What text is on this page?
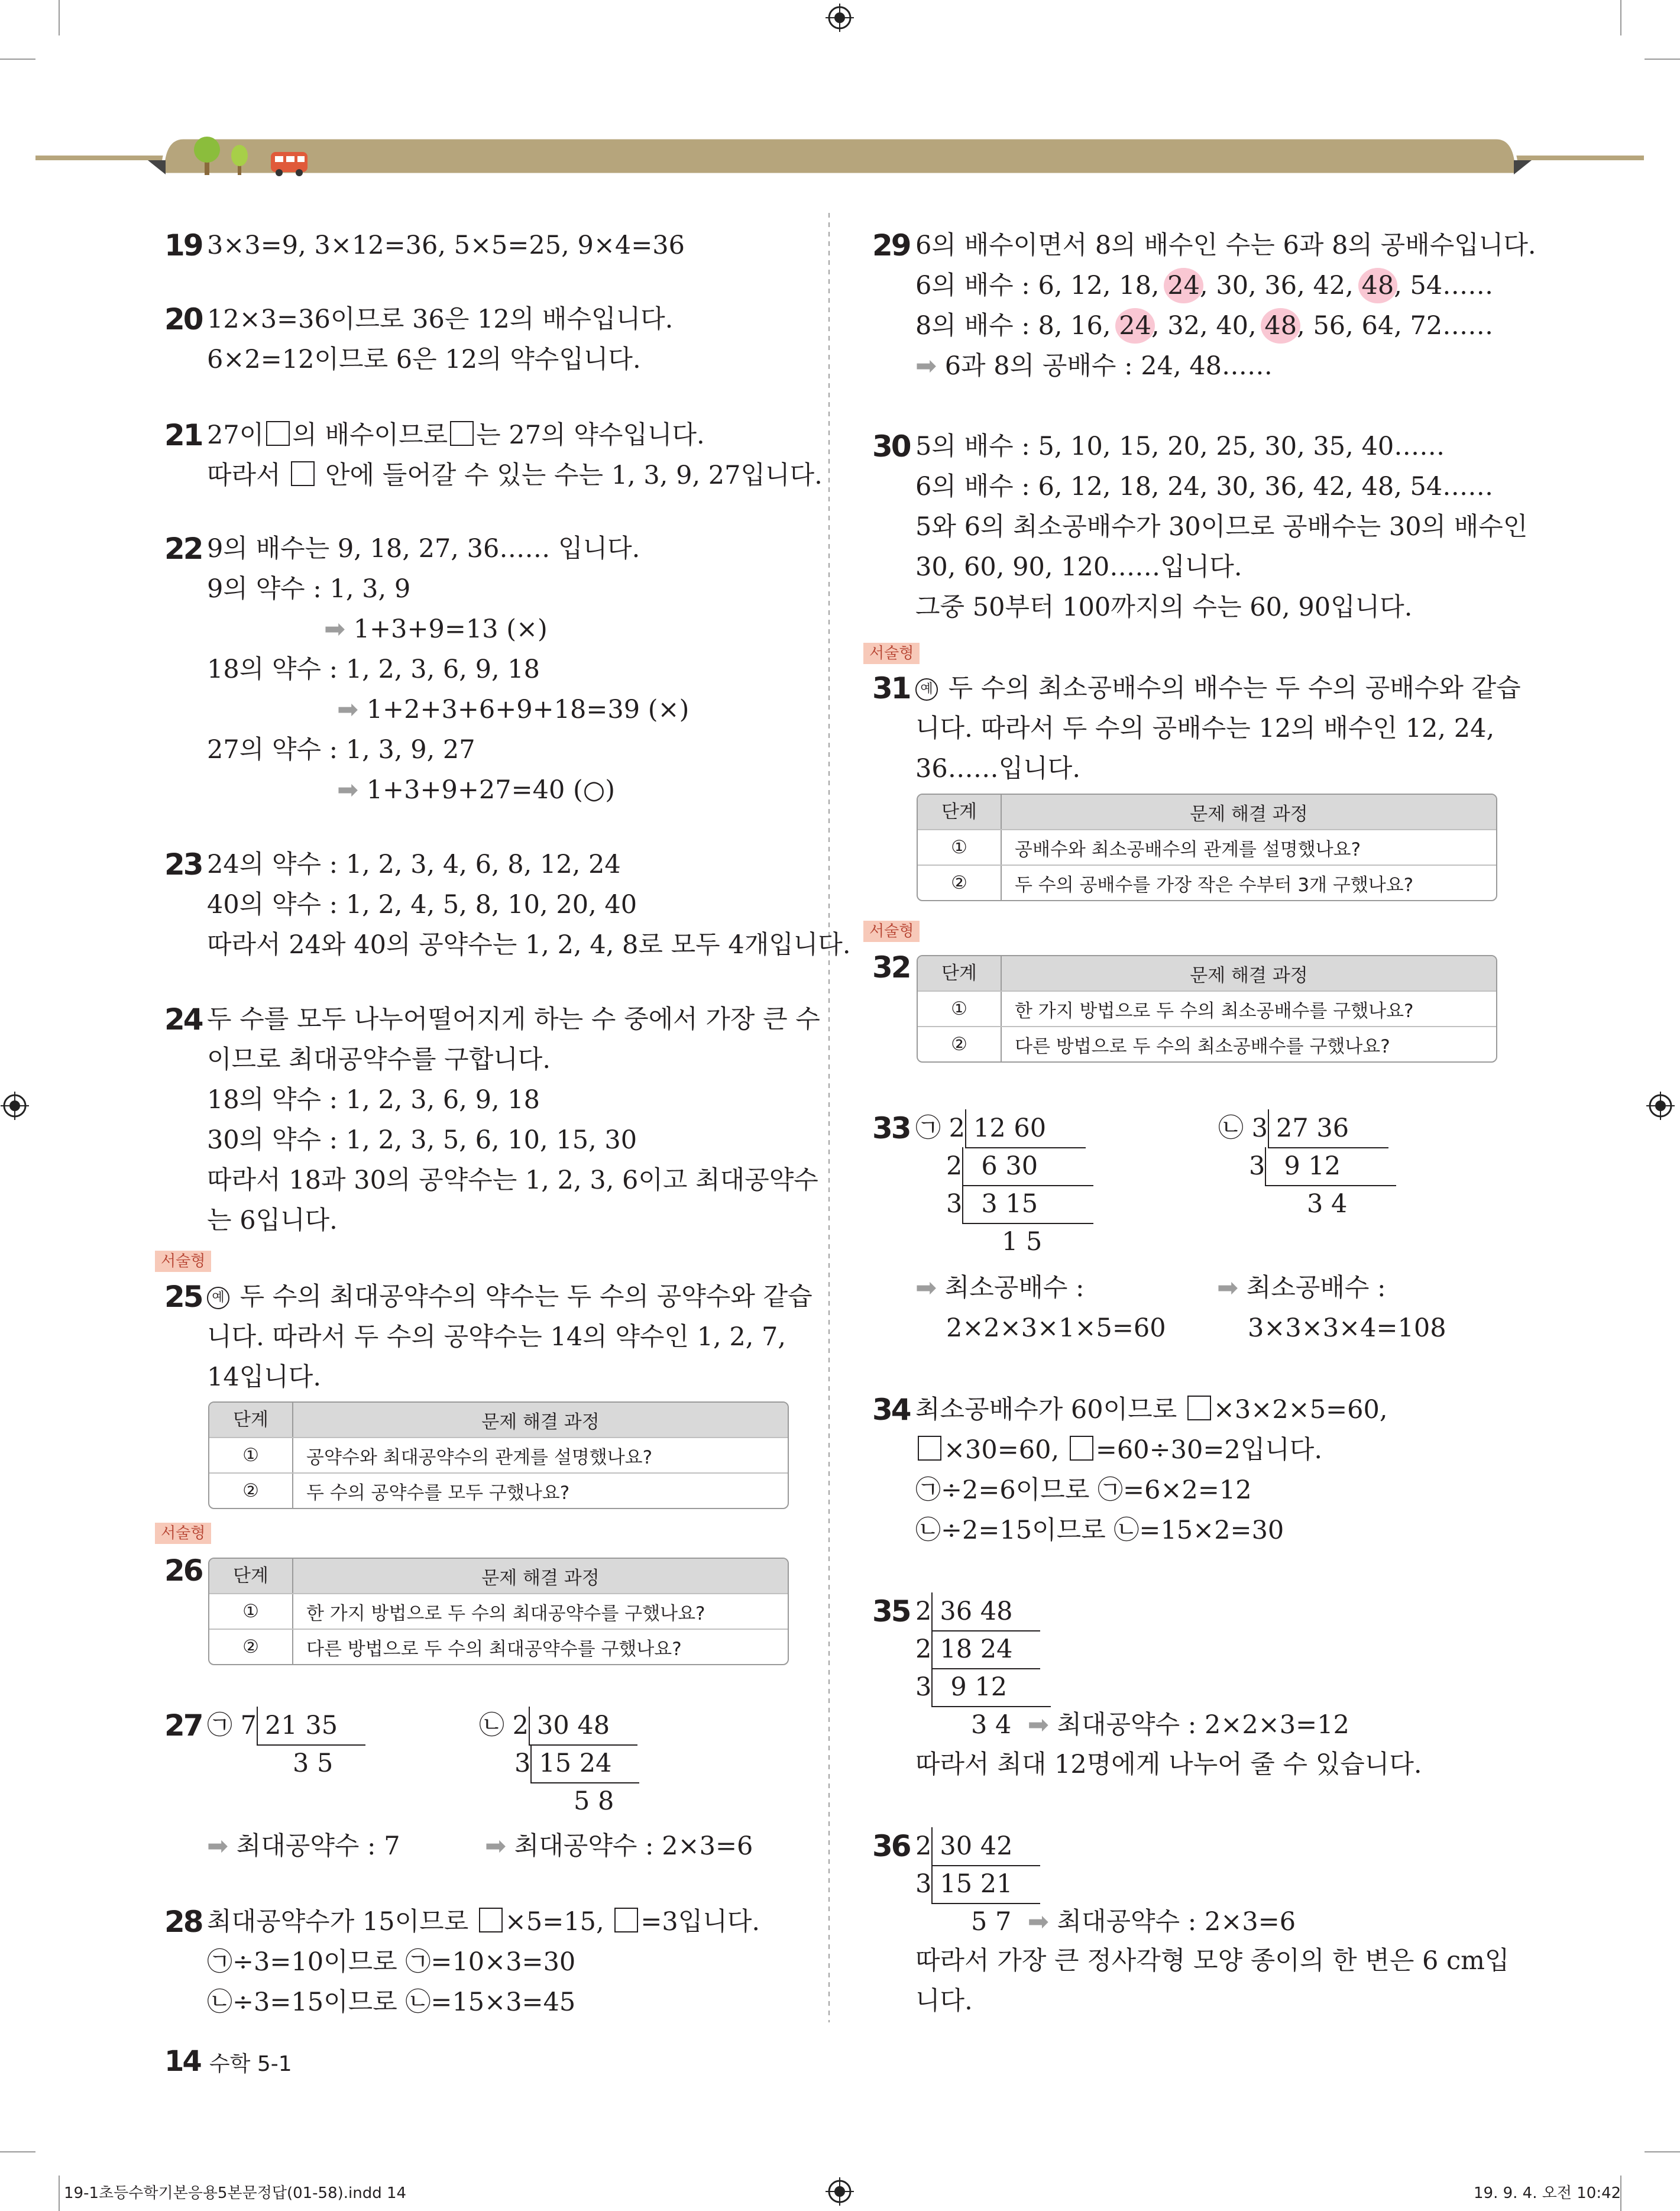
19 3×3=9, 3×12=36, 5×5=25, 9×4=36
20 12×3=36이므로 36은 12의 배수입니다.
6×2=12이므로 6은 12의 약수입니다.
21 27이 의 배수이므로 는 27의 약수입니다.
따라서 안에 들어갈 수 있는 수는 1, 3, 9, 27입니다.
22 9의 배수는 9, 18, 27, 36…… 입니다.
9의 약수 : 1, 3, 9
➡ 1+3+9=13 (×)
18의 약수 : 1, 2, 3, 6, 9, 18
➡ 1+2+3+6+9+18=39 (×)
27의 약수 : 1, 3, 9, 27
➡ 1+3+9+27=40 (○)
23 24의 약수 : 1, 2, 3, 4, 6, 8, 12, 24
40의 약수 : 1, 2, 4, 5, 8, 10, 20, 40
따라서 24와 40의 공약수는 1, 2, 4, 8로 모두 4개입니다.
24 두 수를 모두 나누어떨어지게 하는 수 중에서 가장 큰 수
이므로 최대공약수를 구합니다.
18의 약수 : 1, 2, 3, 6, 9, 18
30의 약수 : 1, 2, 3, 5, 6, 10, 15, 30
따라서 18과 30의 공약수는 1, 2, 3, 6이고 최대공약수
는 6입니다.
서술형
25 예 두 수의 최대공약수의 약수는 두 수의 공약수와 같습
니다. 따라서 두 수의 공약수는 14의 약수인 1, 2, 7,
14입니다.
단계	문제 해결 과정
①	공약수와 최대공약수의 관계를 설명했나요?
②	두 수의 공약수를 모두 구했나요?
서술형
26	단계	문제 해결 과정
①	한 가지 방법으로 두 수의 최대공약수를 구했나요?
②	다른 방법으로 두 수의 최대공약수를 구했나요?
27 ㉠ 7 21 35
3 5
㉡ 2 30 48
3 15 24
5 8
➡ 최대공약수 : 7	➡ 최대공약수 : 2×3=6
28 최대공약수가 15이므로 ×5=15, =3입니다.
㉠÷3=10이므로 ㉠=10×3=30
㉡÷3=15이므로 ㉡=15×3=45
29 6의 배수이면서 8의 배수인 수는 6과 8의 공배수입니다.
6의 배수 : 6, 12, 18, 24, 30, 36, 42, 48, 54……
8의 배수 : 8, 16, 24, 32, 40, 48, 56, 64, 72……
➡ 6과 8의 공배수 : 24, 48……
30 5의 배수 : 5, 10, 15, 20, 25, 30, 35, 40……
6의 배수 : 6, 12, 18, 24, 30, 36, 42, 48, 54……
5와 6의 최소공배수가 30이므로 공배수는 30의 배수인
30, 60, 90, 120……입니다.
그중 50부터 100까지의 수는 60, 90입니다.
서술형
31 예 두 수의 최소공배수의 배수는 두 수의 공배수와 같습
니다. 따라서 두 수의 공배수는 12의 배수인 12, 24,
36……입니다.
단계	문제 해결 과정
①	공배수와 최소공배수의 관계를 설명했나요?
②	두 수의 공배수를 가장 작은 수부터 3개 구했나요?
서술형
32	단계	문제 해결 과정
①	한 가지 방법으로 두 수의 최소공배수를 구했나요?
②	다른 방법으로 두 수의 최소공배수를 구했나요?
33 ㉠ 2 12 60
2 6 30
3 3 15
1 5
㉡ 3 27 36
3 9 12
3 4
➡ 최소공배수 :
2×2×3×1×5=60
➡ 최소공배수 :
3×3×3×4=108
34 최소공배수가 60이므로 ×3×2×5=60,
×30=60, =60÷30=2입니다.
㉠÷2=6이므로 ㉠=6×2=12
㉡÷2=15이므로 ㉡=15×2=30
35 2 36 48
2 18 24
3 9 12
3 4 ➡ 최대공약수 : 2×2×3=12
따라서 최대 12명에게 나누어 줄 수 있습니다.
36 2 30 42
3 15 21
5 7 ➡ 최대공약수 : 2×3=6
따라서 가장 큰 정사각형 모양 종이의 한 변은 6 cm입
니다.
14 수학 5-1
19-1초등수학기본응용5본문정답(01-58).indd 14	19. 9. 4. 오전 10:42
